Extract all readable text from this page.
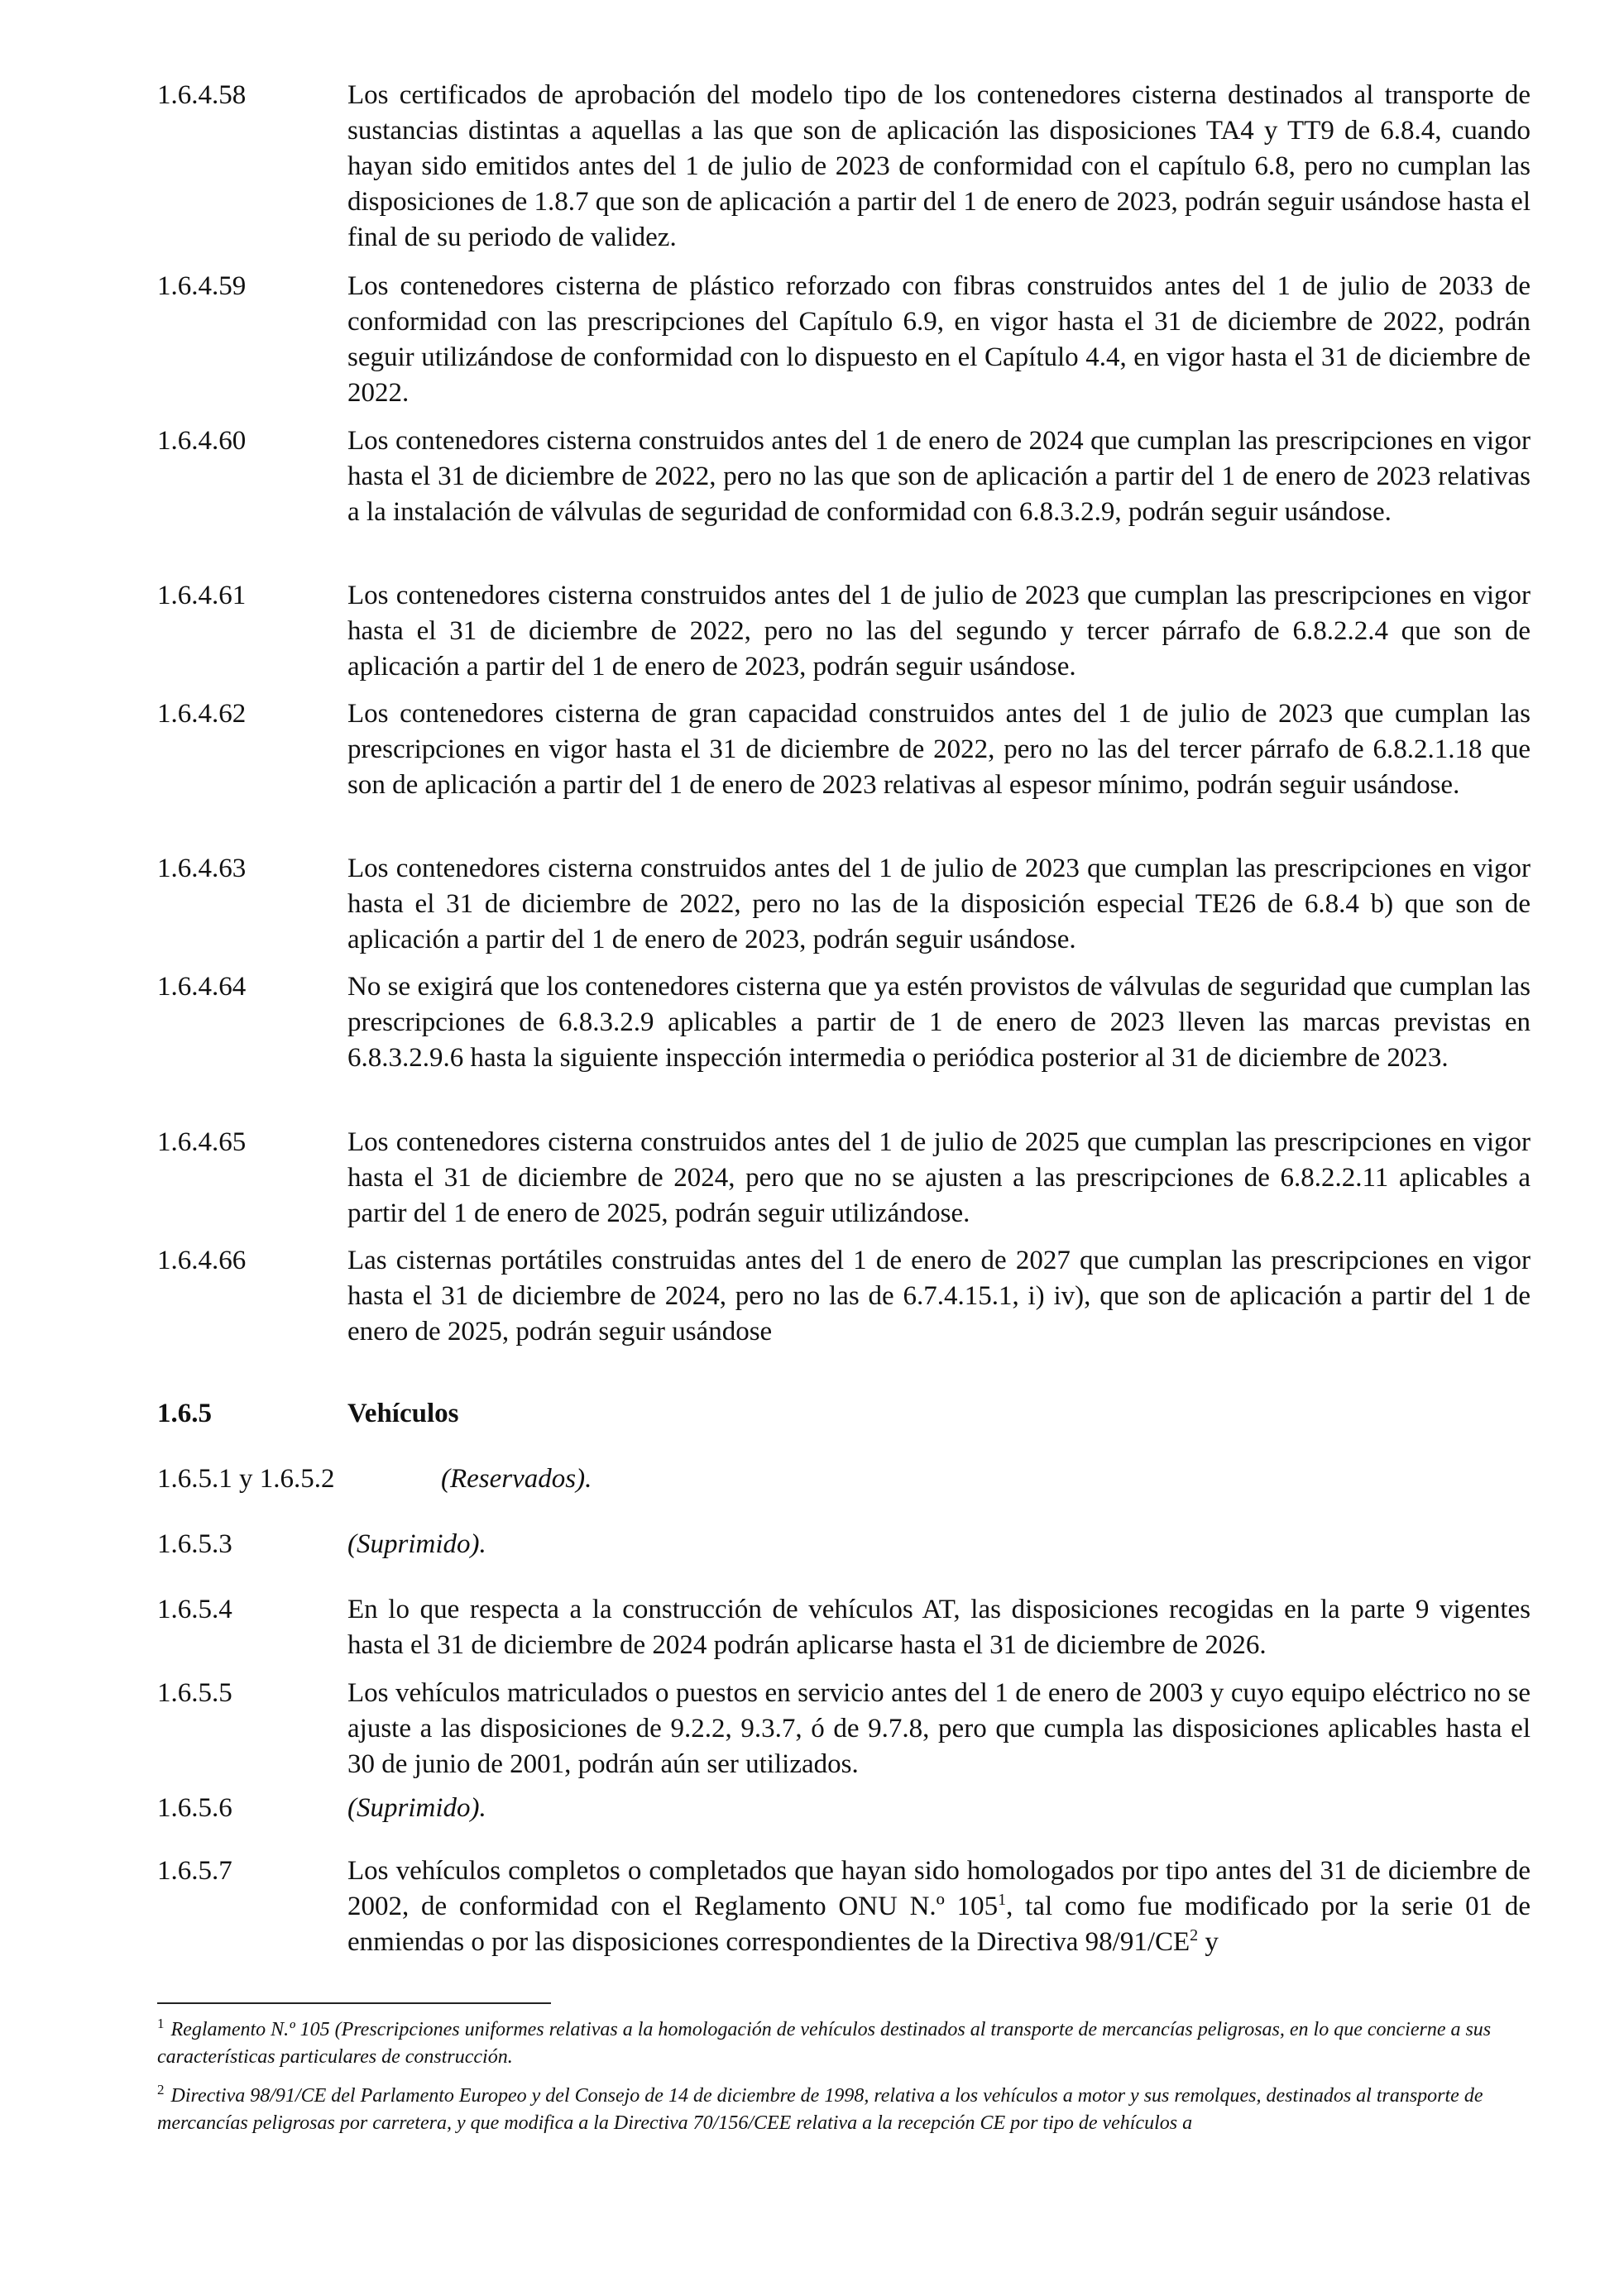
1.6.4.58	Los certificados de aprobación del modelo tipo de los contenedores cisterna destinados al transporte de sustancias distintas a aquellas a las que son de aplicación las disposiciones TA4 y TT9 de 6.8.4, cuando hayan sido emitidos antes del 1 de julio de 2023 de conformidad con el capítulo 6.8, pero no cumplan las disposiciones de 1.8.7 que son de aplicación a partir del 1 de enero de 2023, podrán seguir usándose hasta el final de su periodo de validez.
1.6.4.59	Los contenedores cisterna de plástico reforzado con fibras construidos antes del 1 de julio de 2033 de conformidad con las prescripciones del Capítulo 6.9, en vigor hasta el 31 de diciembre de 2022, podrán seguir utilizándose de conformidad con lo dispuesto en el Capítulo 4.4, en vigor hasta el 31 de diciembre de 2022.
1.6.4.60	Los contenedores cisterna construidos antes del 1 de enero de 2024 que cumplan las prescripciones en vigor hasta el 31 de diciembre de 2022, pero no las que son de aplicación a partir del 1 de enero de 2023 relativas a la instalación de válvulas de seguridad de conformidad con 6.8.3.2.9, podrán seguir usándose.
1.6.4.61	Los contenedores cisterna construidos antes del 1 de julio de 2023 que cumplan las prescripciones en vigor hasta el 31 de diciembre de 2022, pero no las del segundo y tercer párrafo de 6.8.2.2.4 que son de aplicación a partir del 1 de enero de 2023, podrán seguir usándose.
1.6.4.62	Los contenedores cisterna de gran capacidad construidos antes del 1 de julio de 2023 que cumplan las prescripciones en vigor hasta el 31 de diciembre de 2022, pero no las del tercer párrafo de 6.8.2.1.18 que son de aplicación a partir del 1 de enero de 2023 relativas al espesor mínimo, podrán seguir usándose.
1.6.4.63	Los contenedores cisterna construidos antes del 1 de julio de 2023 que cumplan las prescripciones en vigor hasta el 31 de diciembre de 2022, pero no las de la disposición especial TE26 de 6.8.4 b) que son de aplicación a partir del 1 de enero de 2023, podrán seguir usándose.
1.6.4.64	No se exigirá que los contenedores cisterna que ya estén provistos de válvulas de seguridad que cumplan las prescripciones de 6.8.3.2.9 aplicables a partir de 1 de enero de 2023 lleven las marcas previstas en 6.8.3.2.9.6 hasta la siguiente inspección intermedia o periódica posterior al 31 de diciembre de 2023.
1.6.4.65	Los contenedores cisterna construidos antes del 1 de julio de 2025 que cumplan las prescripciones en vigor hasta el 31 de diciembre de 2024, pero que no se ajusten a las prescripciones de 6.8.2.2.11 aplicables a partir del 1 de enero de 2025, podrán seguir utilizándose.
1.6.4.66	Las cisternas portátiles construidas antes del 1 de enero de 2027 que cumplan las prescripciones en vigor hasta el 31 de diciembre de 2024, pero no las de 6.7.4.15.1, i) iv), que son de aplicación a partir del 1 de enero de 2025, podrán seguir usándose
1.6.5	Vehículos
1.6.5.1 y 1.6.5.2	(Reservados).
1.6.5.3	(Suprimido).
1.6.5.4	En lo que respecta a la construcción de vehículos AT, las disposiciones recogidas en la parte 9 vigentes hasta el 31 de diciembre de 2024 podrán aplicarse hasta el 31 de diciembre de 2026.
1.6.5.5	Los vehículos matriculados o puestos en servicio antes del 1 de enero de 2003 y cuyo equipo eléctrico no se ajuste a las disposiciones de 9.2.2, 9.3.7, ó de 9.7.8, pero que cumpla las disposiciones aplicables hasta el 30 de junio de 2001, podrán aún ser utilizados.
1.6.5.6	(Suprimido).
1.6.5.7	Los vehículos completos o completados que hayan sido homologados por tipo antes del 31 de diciembre de 2002, de conformidad con el Reglamento ONU N.º $105^1$, tal como fue modificado por la serie 01 de enmiendas o por las disposiciones correspondientes de la Directiva $98/91/CE^2$ y
$^1$ Reglamento N.º 105 (Prescripciones uniformes relativas a la homologación de vehículos destinados al transporte de mercancías peligrosas, en lo que concierne a sus características particulares de construcción.
$^2$ Directiva 98/91/CE del Parlamento Europeo y del Consejo de 14 de diciembre de 1998, relativa a los vehículos a motor y sus remolques, destinados al transporte de mercancías peligrosas por carretera, y que modifica a la Directiva 70/156/CEE relativa a la recepción CE por tipo de vehículos a
